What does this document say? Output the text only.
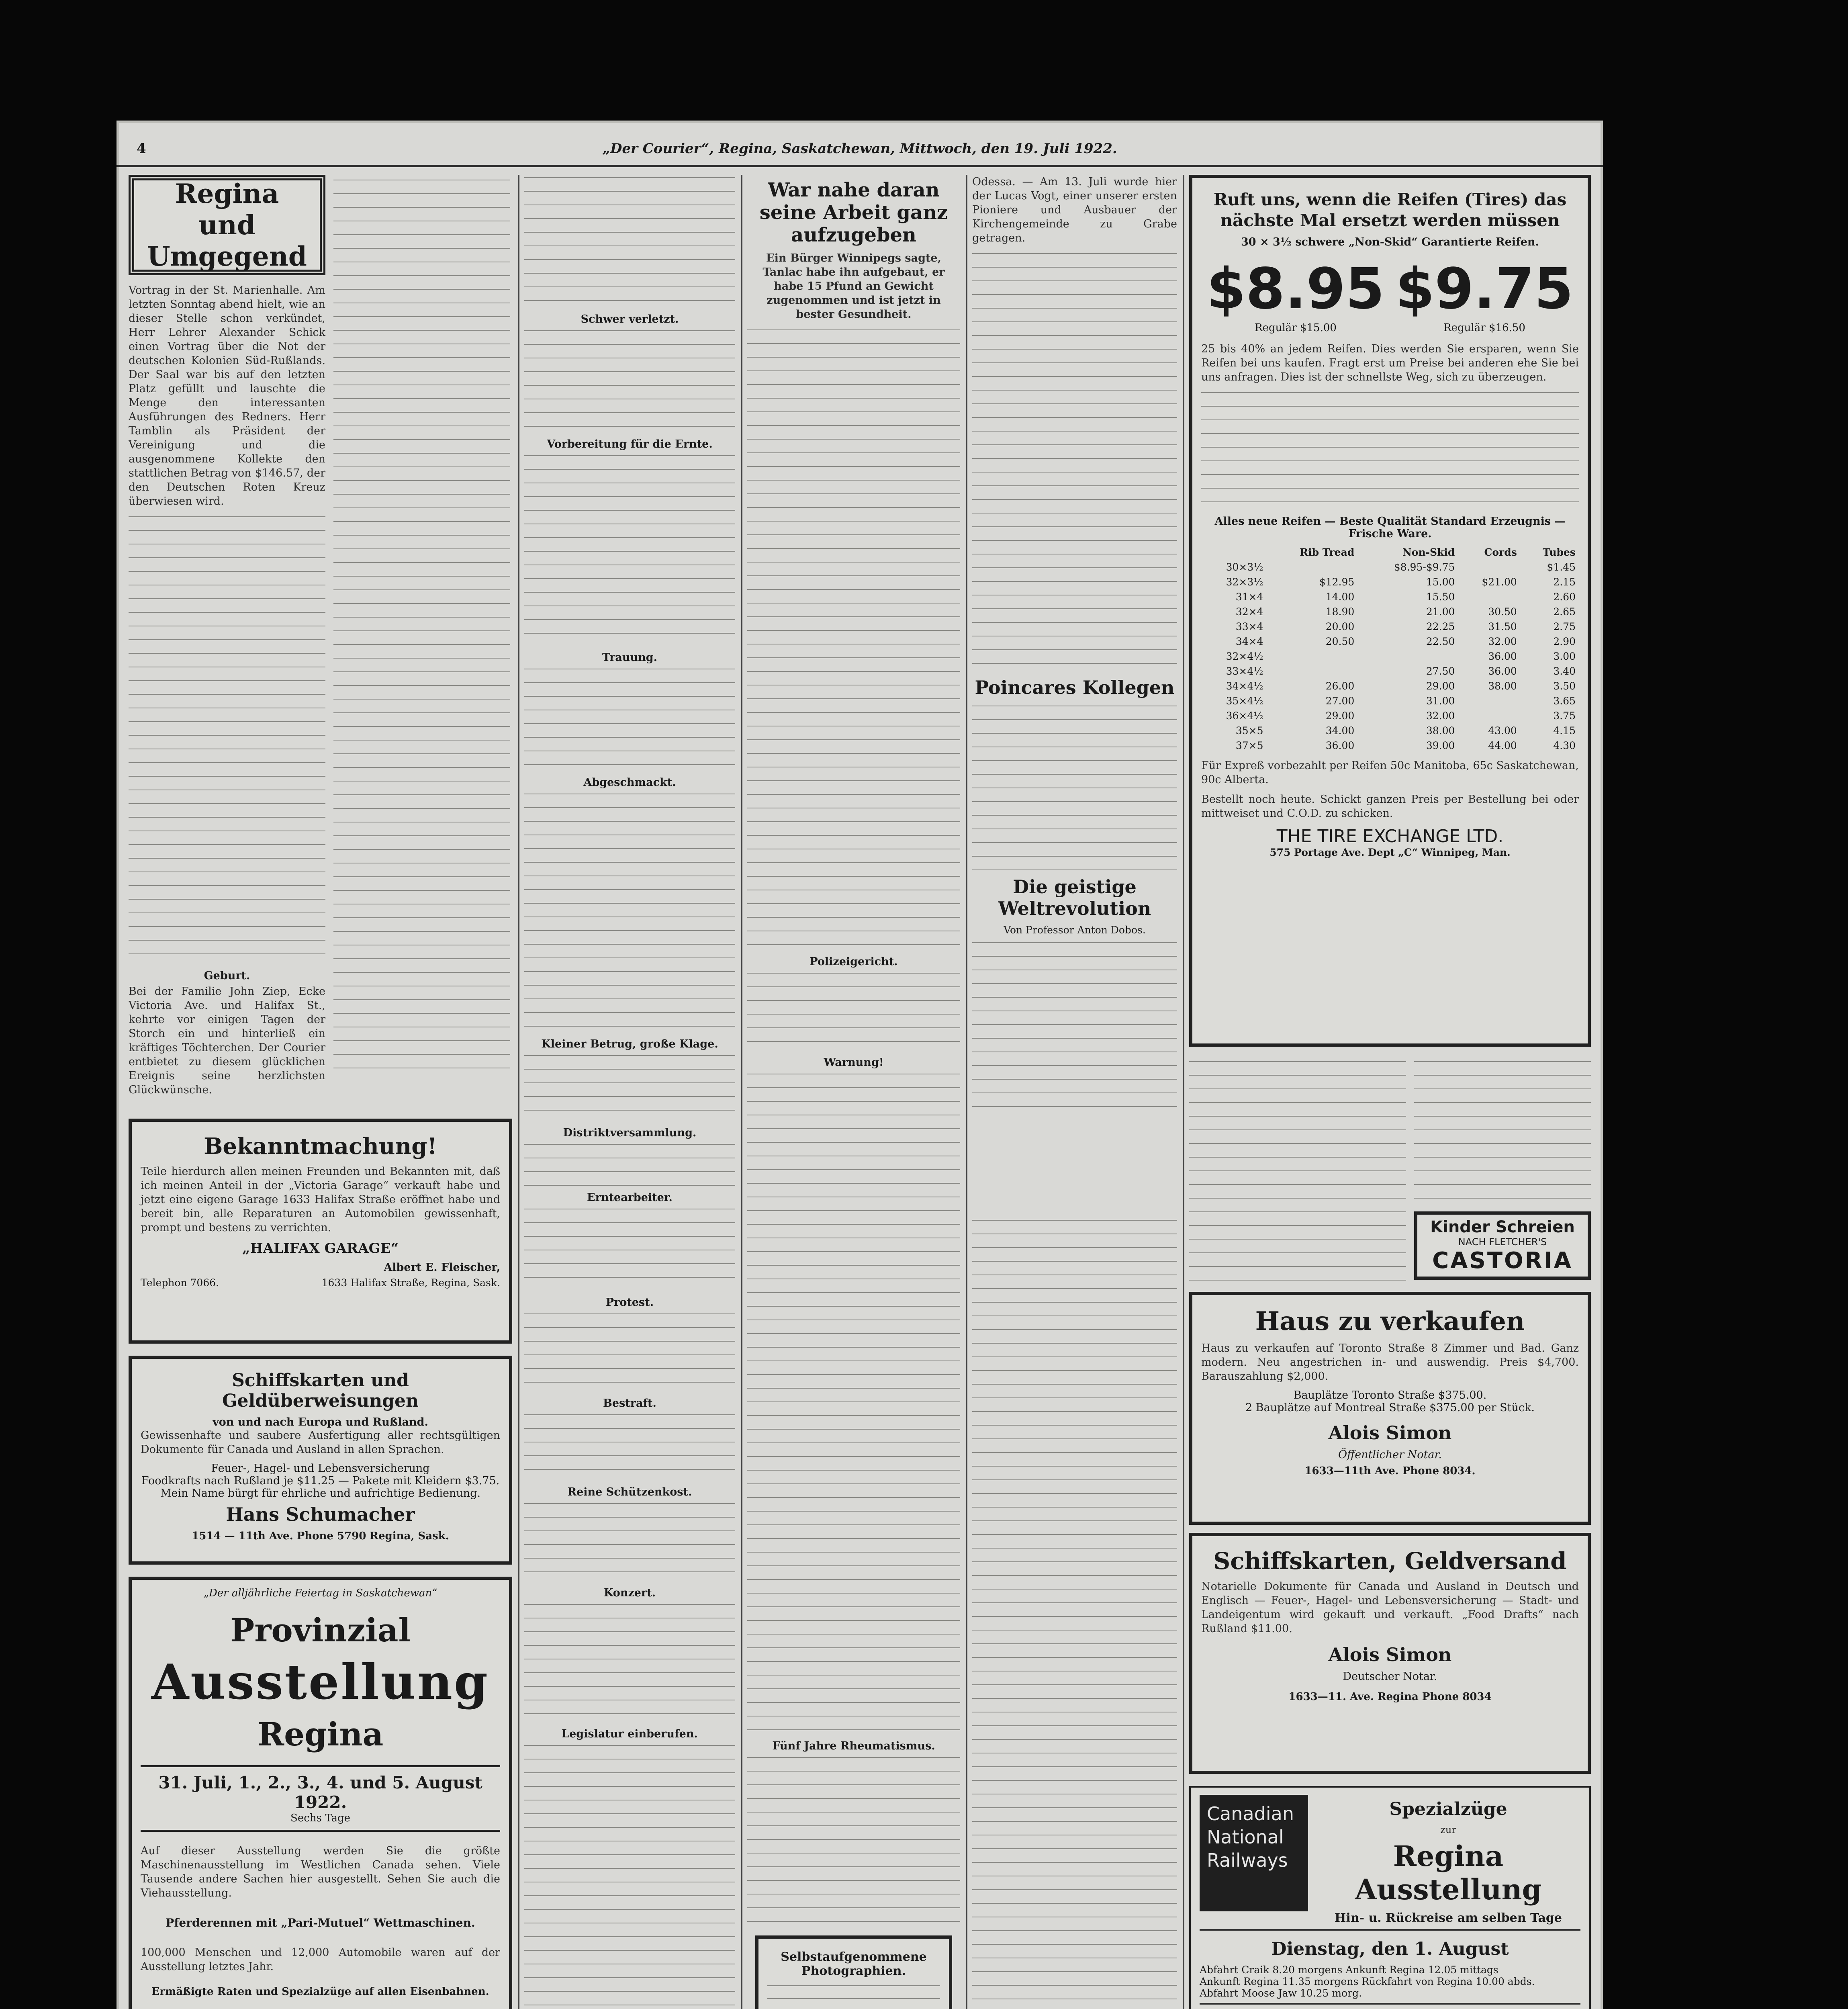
4	„Der Courier“, Regina, Saskatchewan, Mittwoch, den 19. Juli 1922.
Regina und Umgegend

Vortrag in der St. Marienhalle. Am letzten Sonntag abend hielt, wie an dieser Stelle schon verkündet, Herr Lehrer Alexander Schick einen Vortrag über die Not der deutschen Kolonien Süd-Rußlands. Der Saal war bis auf den letzten Platz gefüllt und lauschte die Menge den interessanten Ausführungen des Redners. Herr Tamblin als Präsident der Vereinigung und die ausgenommene Kollekte den stattlichen Betrag von $146.57, der den Deutschen Roten Kreuz überwiesen wird.

Geburt.

Bei der Familie John Ziep, Ecke Victoria Ave. und Halifax St., kehrte vor einigen Tagen der Storch ein und hinterließ ein kräftiges Töchterchen. Der Courier entbietet zu diesem glücklichen Ereignis seine herzlichsten Glückwünsche.

Bekanntmachung!

Teile hierdurch allen meinen Freunden und Bekannten mit, daß ich meinen Anteil in der „Victoria Garage“ verkauft habe und jetzt eine eigene Garage 1633 Halifax Straße eröffnet habe und bereit bin, alle Reparaturen an Automobilen gewissenhaft, prompt und bestens zu verrichten.

„HALIFAX GARAGE“
Albert E. Fleischer,
Telephon 7066.	1633 Halifax Straße, Regina, Sask.
Schiffskarten und Geldüberweisungen
von und nach Europa und Rußland.

Gewissenhafte und saubere Ausfertigung aller rechtsgültigen Dokumente für Canada und Ausland in allen Sprachen.

Feuer-, Hagel- und Lebensversicherung
Foodkrafts nach Rußland je $11.25 — Pakete mit Kleidern $3.75.
Mein Name bürgt für ehrliche und aufrichtige Bedienung.
Hans Schumacher
1514 — 11th Ave. Phone 5790 Regina, Sask.
„Der alljährliche Feiertag in Saskatchewan“
Provinzial
Ausstellung
Regina
31. Juli, 1., 2., 3., 4. und 5. August 1922.
Sechs Tage

Auf dieser Ausstellung werden Sie die größte Maschinenausstellung im Westlichen Canada sehen. Viele Tausende andere Sachen hier ausgestellt. Sehen Sie auch die Viehausstellung.

Pferderennen mit „Pari-Mutuel“ Wettmaschinen.

100,000 Menschen und 12,000 Automobile waren auf der Ausstellung letztes Jahr.

Ermäßigte Raten und Spezialzüge auf allen Eisenbahnen.
Schwer verletzt.
Vorbereitung für die Ernte.
Trauung.
Abgeschmackt.
Kleiner Betrug, große Klage.
Distriktversammlung.
Erntearbeiter.
Protest.
Bestraft.
Reine Schützenkost.
Konzert.
Legislatur einberufen.
War nahe daran seine Arbeit ganz aufzugeben

Ein Bürger Winnipegs sagte, Tanlac habe ihn aufgebaut, er habe 15 Pfund an Gewicht zugenommen und ist jetzt in bester Gesundheit.

Polizeigericht.
Warnung!
Fünf Jahre Rheumatismus.
Selbstaufgenommene Photographien.

Odessa. — Am 13. Juli wurde hier der Lucas Vogt, einer unserer ersten Pioniere und Ausbauer der Kirchengemeinde zu Grabe getragen.

Poincares Kollegen
Die geistige Weltrevolution
Von Professor Anton Dobos.
Ruft uns, wenn die Reifen (Tires) das nächste Mal ersetzt werden müssen
30 × 3½ schwere „Non-Skid“ Garantierte Reifen.
$8.95
Regulär $15.00
$9.75
Regulär $16.50

25 bis 40% an jedem Reifen. Dies werden Sie ersparen, wenn Sie Reifen bei uns kaufen. Fragt erst um Preise bei anderen ehe Sie bei uns anfragen. Dies ist der schnellste Weg, sich zu überzeugen.

Alles neue Reifen — Beste Qualität Standard Erzeugnis — Frische Ware.
	Rib Tread	Non-Skid	Cords	Tubes
30×3½		$8.95-$9.75		$1.45
32×3½	$12.95	15.00	$21.00	2.15
31×4	14.00	15.50		2.60
32×4	18.90	21.00	30.50	2.65
33×4	20.00	22.25	31.50	2.75
34×4	20.50	22.50	32.00	2.90
32×4½			36.00	3.00
33×4½		27.50	36.00	3.40
34×4½	26.00	29.00	38.00	3.50
35×4½	27.00	31.00		3.65
36×4½	29.00	32.00		3.75
35×5	34.00	38.00	43.00	4.15
37×5	36.00	39.00	44.00	4.30

Für Expreß vorbezahlt per Reifen 50c Manitoba, 65c Saskatchewan, 90c Alberta.

Bestellt noch heute. Schickt ganzen Preis per Bestellung bei oder mittweiset und C.O.D. zu schicken.

THE TIRE EXCHANGE LTD.
575 Portage Ave. Dept „C“ Winnipeg, Man.
Kinder Schreien
NACH FLETCHER'S
CASTORIA
Haus zu verkaufen

Haus zu verkaufen auf Toronto Straße 8 Zimmer und Bad. Ganz modern. Neu angestrichen in- und auswendig. Preis $4,700. Barauszahlung $2,000.

Bauplätze Toronto Straße $375.00.
2 Bauplätze auf Montreal Straße $375.00 per Stück.
Alois Simon
Öffentlicher Notar.
1633—11th Ave. Phone 8034.
Schiffskarten, Geldversand

Notarielle Dokumente für Canada und Ausland in Deutsch und Englisch — Feuer-, Hagel- und Lebensversicherung — Stadt- und Landeigentum wird gekauft und verkauft. „Food Drafts“ nach Rußland $11.00.

Alois Simon
Deutscher Notar.
1633—11. Ave. Regina Phone 8034
Canadian National Railways
Spezialzüge
zur
Regina Ausstellung
Hin- u. Rückreise am selben Tage
Dienstag, den 1. August
Abfahrt Craik 8.20 morgens Ankunft Regina 12.05 mittags
Ankunft Regina 11.35 morgens Rückfahrt von Regina 10.00 abds.
Abfahrt Moose Jaw 10.25 morg.
